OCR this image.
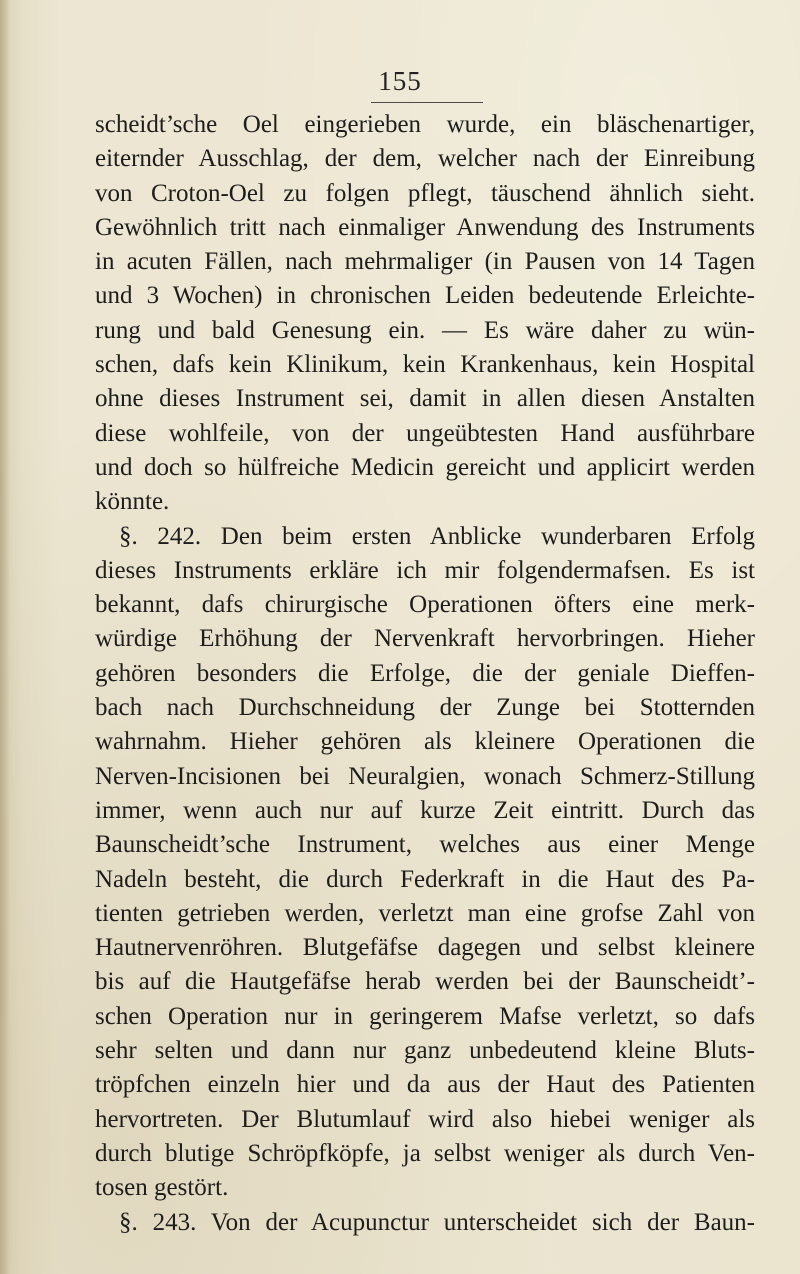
155
scheidt’sche Oel eingerieben wurde, ein bläschenartiger,
eiternder Ausschlag, der dem, welcher nach der Einreibung
von Croton-Oel zu folgen pflegt, täuschend ähnlich sieht.
Gewöhnlich tritt nach einmaliger Anwendung des Instruments
in acuten Fällen, nach mehrmaliger (in Pausen von 14 Tagen
und 3 Wochen) in chronischen Leiden bedeutende Erleichte-
rung und bald Genesung ein. — Es wäre daher zu wün-
schen, dafs kein Klinikum, kein Krankenhaus, kein Hospital
ohne dieses Instrument sei, damit in allen diesen Anstalten
diese wohlfeile, von der ungeübtesten Hand ausführbare
und doch so hülfreiche Medicin gereicht und applicirt werden
könnte.
§. 242. Den beim ersten Anblicke wunderbaren Erfolg
dieses Instruments erkläre ich mir folgendermafsen. Es ist
bekannt, dafs chirurgische Operationen öfters eine merk-
würdige Erhöhung der Nervenkraft hervorbringen. Hieher
gehören besonders die Erfolge, die der geniale Dieffen-
bach nach Durchschneidung der Zunge bei Stotternden
wahrnahm. Hieher gehören als kleinere Operationen die
Nerven-Incisionen bei Neuralgien, wonach Schmerz-Stillung
immer, wenn auch nur auf kurze Zeit eintritt. Durch das
Baunscheidt’sche Instrument, welches aus einer Menge
Nadeln besteht, die durch Federkraft in die Haut des Pa-
tienten getrieben werden, verletzt man eine grofse Zahl von
Hautnervenröhren. Blutgefäfse dagegen und selbst kleinere
bis auf die Hautgefäfse herab werden bei der Baunscheidt’-
schen Operation nur in geringerem Mafse verletzt, so dafs
sehr selten und dann nur ganz unbedeutend kleine Bluts-
tröpfchen einzeln hier und da aus der Haut des Patienten
hervortreten. Der Blutumlauf wird also hiebei weniger als
durch blutige Schröpfköpfe, ja selbst weniger als durch Ven-
tosen gestört.
§. 243. Von der Acupunctur unterscheidet sich der Baun-
